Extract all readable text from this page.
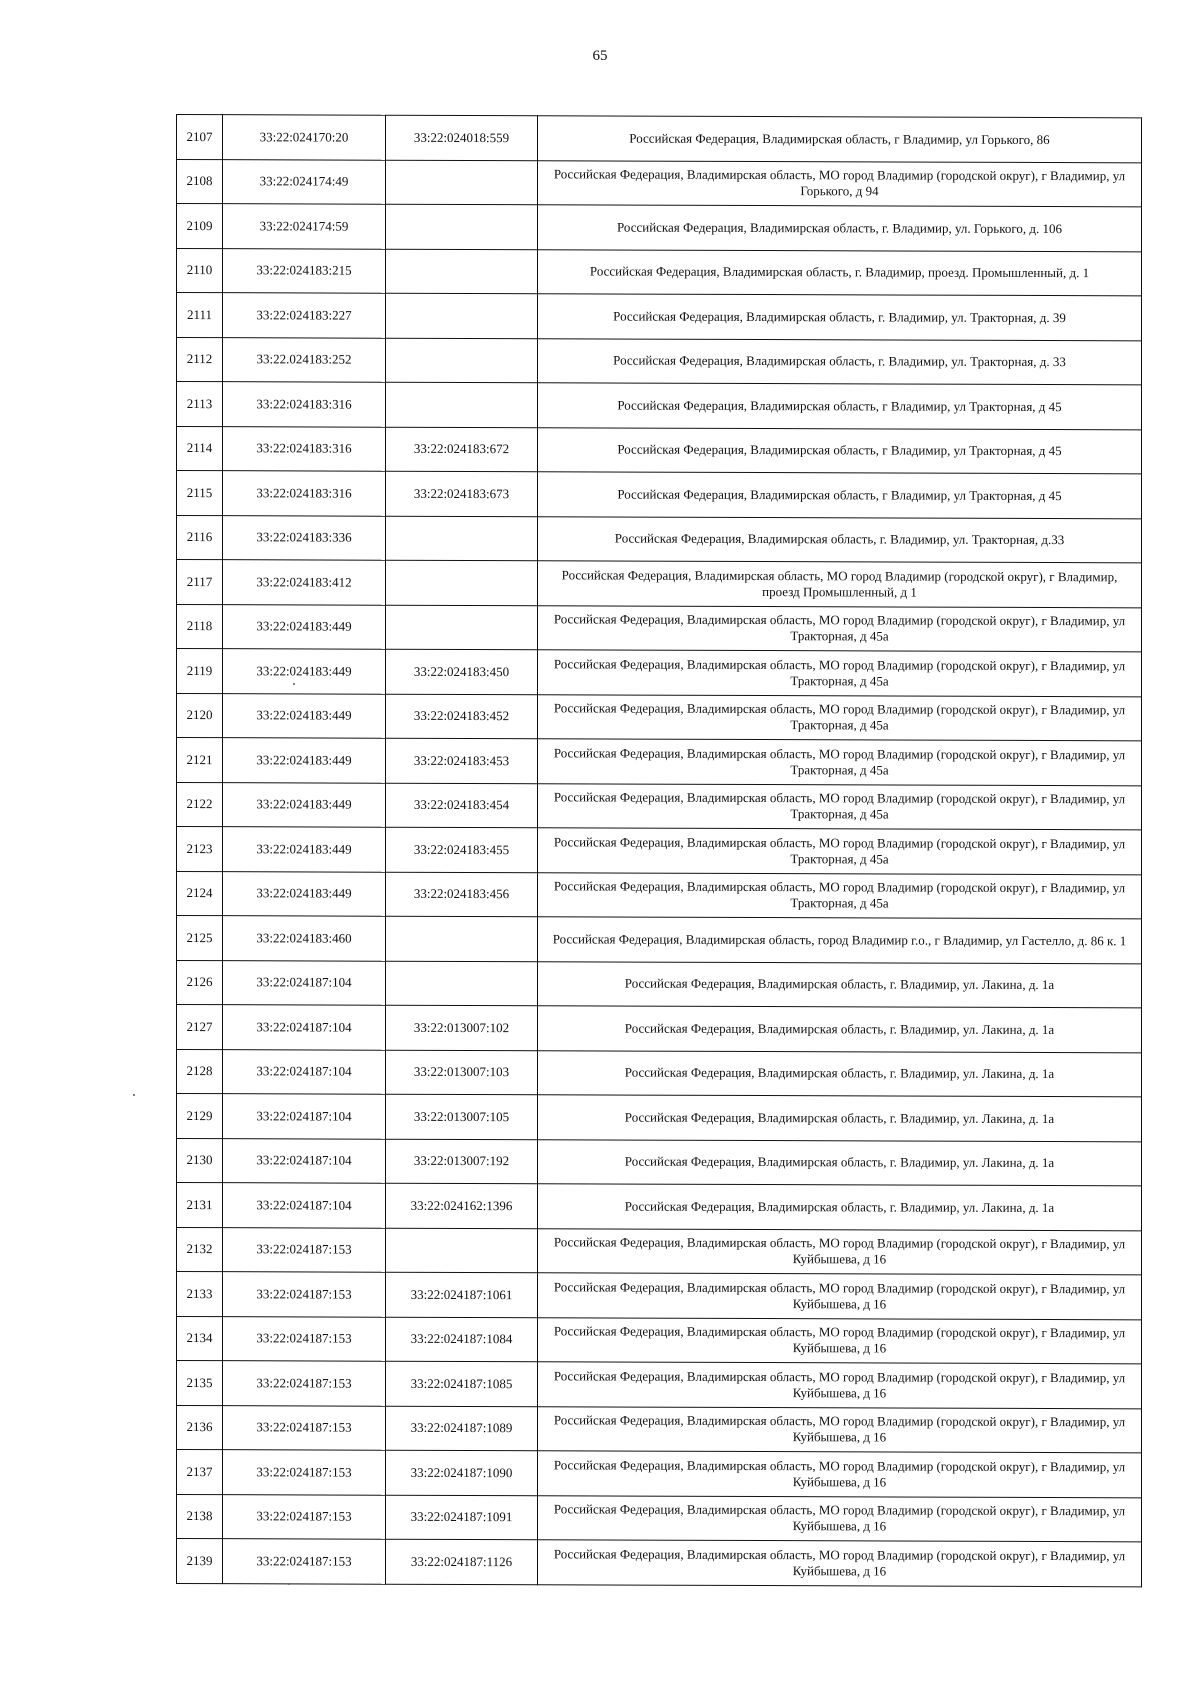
65
2107	33:22:024170:20	33:22:024018:559	Российская Федерация, Владимирская область, г Владимир, ул Горького, 86
2108	33:22:024174:49		Российская Федерация, Владимирская область, МО город Владимир (городской округ), г Владимир, ул Горького, д 94
2109	33:22:024174:59		Российская Федерация, Владимирская область, г. Владимир, ул. Горького, д. 106
2110	33:22:024183:215		Российская Федерация, Владимирская область, г. Владимир, проезд. Промышленный, д. 1
2111	33:22:024183:227		Российская Федерация, Владимирская область, г. Владимир, ул. Тракторная, д. 39
2112	33:22.024183:252		Российская Федерация, Владимирская область, г. Владимир, ул. Тракторная, д. 33
2113	33:22:024183:316		Российская Федерация, Владимирская область, г Владимир, ул Тракторная, д 45
2114	33:22:024183:316	33:22:024183:672	Российская Федерация, Владимирская область, г Владимир, ул Тракторная, д 45
2115	33:22:024183:316	33:22:024183:673	Российская Федерация, Владимирская область, г Владимир, ул Тракторная, д 45
2116	33:22:024183:336		Российская Федерация, Владимирская область, г. Владимир, ул. Тракторная, д.33
2117	33:22:024183:412		Российская Федерация, Владимирская область, МО город Владимир (городской округ), г Владимир, проезд Промышленный, д 1
2118	33:22:024183:449		Российская Федерация, Владимирская область, МО город Владимир (городской округ), г Владимир, ул Тракторная, д 45а
2119	33:22:024183:449	33:22:024183:450	Российская Федерация, Владимирская область, МО город Владимир (городской округ), г Владимир, ул Тракторная, д 45а
2120	33:22:024183:449	33:22:024183:452	Российская Федерация, Владимирская область, МО город Владимир (городской округ), г Владимир, ул Тракторная, д 45а
2121	33:22:024183:449	33:22:024183:453	Российская Федерация, Владимирская область, МО город Владимир (городской округ), г Владимир, ул Тракторная, д 45а
2122	33:22:024183:449	33:22:024183:454	Российская Федерация, Владимирская область, МО город Владимир (городской округ), г Владимир, ул Тракторная, д 45а
2123	33:22:024183:449	33:22:024183:455	Российская Федерация, Владимирская область, МО город Владимир (городской округ), г Владимир, ул Тракторная, д 45а
2124	33:22:024183:449	33:22:024183:456	Российская Федерация, Владимирская область, МО город Владимир (городской округ), г Владимир, ул Тракторная, д 45а
2125	33:22:024183:460		Российская Федерация, Владимирская область, город Владимир г.о., г Владимир, ул Гастелло, д. 86 к. 1
2126	33:22:024187:104		Российская Федерация, Владимирская область, г. Владимир, ул. Лакина, д. 1а
2127	33:22:024187:104	33:22:013007:102	Российская Федерация, Владимирская область, г. Владимир, ул. Лакина, д. 1а
2128	33:22:024187:104	33:22:013007:103	Российская Федерация, Владимирская область, г. Владимир, ул. Лакина, д. 1а
2129	33:22:024187:104	33:22:013007:105	Российская Федерация, Владимирская область, г. Владимир, ул. Лакина, д. 1а
2130	33:22:024187:104	33:22:013007:192	Российская Федерация, Владимирская область, г. Владимир, ул. Лакина, д. 1а
2131	33:22:024187:104	33:22:024162:1396	Российская Федерация, Владимирская область, г. Владимир, ул. Лакина, д. 1а
2132	33:22:024187:153		Российская Федерация, Владимирская область, МО город Владимир (городской округ), г Владимир, ул Куйбышева, д 16
2133	33:22:024187:153	33:22:024187:1061	Российская Федерация, Владимирская область, МО город Владимир (городской округ), г Владимир, ул Куйбышева, д 16
2134	33:22:024187:153	33:22:024187:1084	Российская Федерация, Владимирская область, МО город Владимир (городской округ), г Владимир, ул Куйбышева, д 16
2135	33:22:024187:153	33:22:024187:1085	Российская Федерация, Владимирская область, МО город Владимир (городской округ), г Владимир, ул Куйбышева, д 16
2136	33:22:024187:153	33:22:024187:1089	Российская Федерация, Владимирская область, МО город Владимир (городской округ), г Владимир, ул Куйбышева, д 16
2137	33:22:024187:153	33:22:024187:1090	Российская Федерация, Владимирская область, МО город Владимир (городской округ), г Владимир, ул Куйбышева, д 16
2138	33:22:024187:153	33:22:024187:1091	Российская Федерация, Владимирская область, МО город Владимир (городской округ), г Владимир, ул Куйбышева, д 16
2139	33:22:024187:153	33:22:024187:1126	Российская Федерация, Владимирская область, МО город Владимир (городской округ), г Владимир, ул Куйбышева, д 16
